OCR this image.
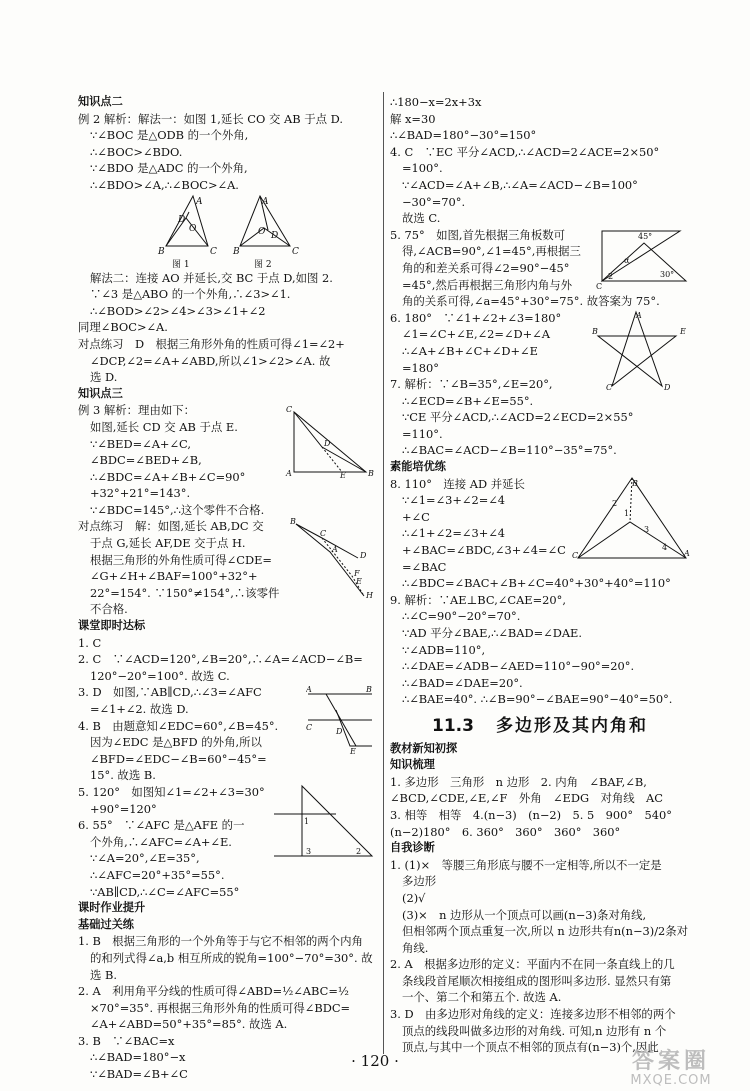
知识点二
例 2 解析：解法一：如图 1,延长 CO 交 AB 于点 D.
∵∠BOC 是△ODB 的一个外角,
∴∠BOC>∠BDO.
∵∠BDO 是△ADC 的一个外角,
∴∠BDO>∠A,∴∠BOC>∠A.
A
D
O
B	C
A
O D
B	C
图 1	图 2
解法二：连接 AO 并延长,交 BC 于点 D,如图 2.
∵∠3 是△ABO 的一个外角,∴∠3>∠1.
∴∠BOD>∠2>∠4>∠3>∠1+∠2
同理∠BOC>∠A.
对点练习　D　根据三角形外角的性质可得∠1=∠2+
∠DCP,∠2=∠A+∠ABD,所以∠1>∠2>∠A. 故
选 D.
知识点三
C
D
A	E	B
例 3 解析：理由如下：
如图,延长 CD 交 AB 于点 E.
∵∠BED=∠A+∠C,
∠BDC=∠BED+∠B,
∴∠BDC=∠A+∠B+∠C=90°
+32°+21°=143°.
∵∠BDC=145°,∴这个零件不合格.
B
C
D
F
E
H
A
对点练习　解：如图,延长 AB,DC 交
于点 G,延长 AF,DE 交于点 H.
根据三角形的外角性质可得∠CDE=
∠G+∠H+∠BAF=100°+32°+
22°=154°. ∵150°≠154°,∴该零件
不合格.
课堂即时达标
1. C
2. C　∵∠ACD=120°,∠B=20°,∴∠A=∠ACD−∠B=
120°−20°=100°. 故选 C.
A	B
C	D
E
3. D　如图,∵AB∥CD,∴∠3=∠AFC
=∠1+∠2. 故选 D.
4. B　由题意知∠EDC=60°,∠B=45°.
因为∠EDC 是△BFD 的外角,所以
∠BFD=∠EDC−∠B=60°−45°=
15°. 故选 B.
1
3	2
5. 120°　如图知∠1=∠2+∠3=30°
+90°=120°
6. 55°　∵∠AFC 是△AFE 的一
个外角,∴∠AFC=∠A+∠E.
∵∠A=20°,∠E=35°,
∴∠AFC=20°+35°=55°.
∵AB∥CD,∴∠C=∠AFC=55°
课时作业提升
基础过关练
1. B　根据三角形的一个外角等于与它不相邻的两个内角
的和列式得∠a,b 相互所成的锐角=100°−70°=30°. 故
选 B.
2. A　利用角平分线的性质可得∠ABD=½∠ABC=½
×70°=35°. 再根据三角形外角的性质可得∠BDC=
∠A+∠ABD=50°+35°=85°. 故选 A.
3. B　∵∠BAC=x
∴∠BAD=180°−x
∵∠BAD=∠B+∠C
∴180−x=2x+3x
解 x=30
∴∠BAD=180°−30°=150°
4. C　∵EC 平分∠ACD,∴∠ACD=2∠ACE=2×50°
=100°.
∵∠ACD=∠A+∠B,∴∠A=∠ACD−∠B=100°
−30°=70°.
故选 C.
45°
α
30°
C
2
5. 75°　如图,首先根据三角板数可
得,∠ACB=90°,∠1=45°,再根据三
角的和差关系可得∠2=90°−45°
=45°,然后再根据三角形内角与外
角的关系可得,∠a=45°+30°=75°. 故答案为 75°.
A
B	E
C	D
6. 180°　∵∠1+∠2+∠3=180°
∠1=∠C+∠E,∠2=∠D+∠A
∴∠A+∠B+∠C+∠D+∠E
=180°
7. 解析：∵∠B=35°,∠E=20°,
∴∠ECD=∠B+∠E=55°.
∵CE 平分∠ACD,∴∠ACD=2∠ECD=2×55°
=110°.
∴∠BAC=∠ACD−∠B=110°−35°=75°.
素能培优练
B
C	A
2
1
3
4
8. 110°　连接 AD 并延长
∵∠1=∠3+∠2=∠4
+∠C
∴∠1+∠2=∠3+∠4
+∠BAC=∠BDC,∠3+∠4=∠C
=∠BAC
∴∠BDC=∠BAC+∠B+∠C=40°+30°+40°=110°
9. 解析：∵AE⊥BC,∠CAE=20°,
∴∠C=90°−20°=70°.
∵AD 平分∠BAE,∴∠BAD=∠DAE.
∵∠ADB=110°,
∴∠DAE=∠ADB−∠AED=110°−90°=20°.
∴∠BAD=∠DAE=20°.
∴∠BAE=40°. ∴∠B=90°−∠BAE=90°−40°=50°.
11.3 多边形及其内角和
教材新知初探
知识梳理
1. 多边形　三角形　n 边形　2. 内角　∠BAF,∠B,
∠BCD,∠CDE,∠E,∠F　外角　∠EDG　对角线　AC
3. 相等　相等　4.(n−3)　(n−2)　5. 5　900°　540°
(n−2)180°　6. 360°　360°　360°　360°
自我诊断
1. (1)×　等腰三角形底与腰不一定相等,所以不一定是
多边形
(2)√
(3)×　n 边形从一个顶点可以画(n−3)条对角线,
但相邻两个顶点重复一次,所以 n 边形共有n(n−3)/2条对
角线.
2. A　根据多边形的定义：平面内不在同一条直线上的几
条线段首尾顺次相接组成的图形叫多边形. 显然只有第
一个、第二个和第五个. 故选 A.
3. D　由多边形对角线的定义：连接多边形不相邻的两个
顶点的线段叫做多边形的对角线. 可知,n 边形有 n 个
顶点,与其中一个顶点不相邻的顶点有(n−3)个,因此
· 120 ·	答案圈
MXQE.COM
